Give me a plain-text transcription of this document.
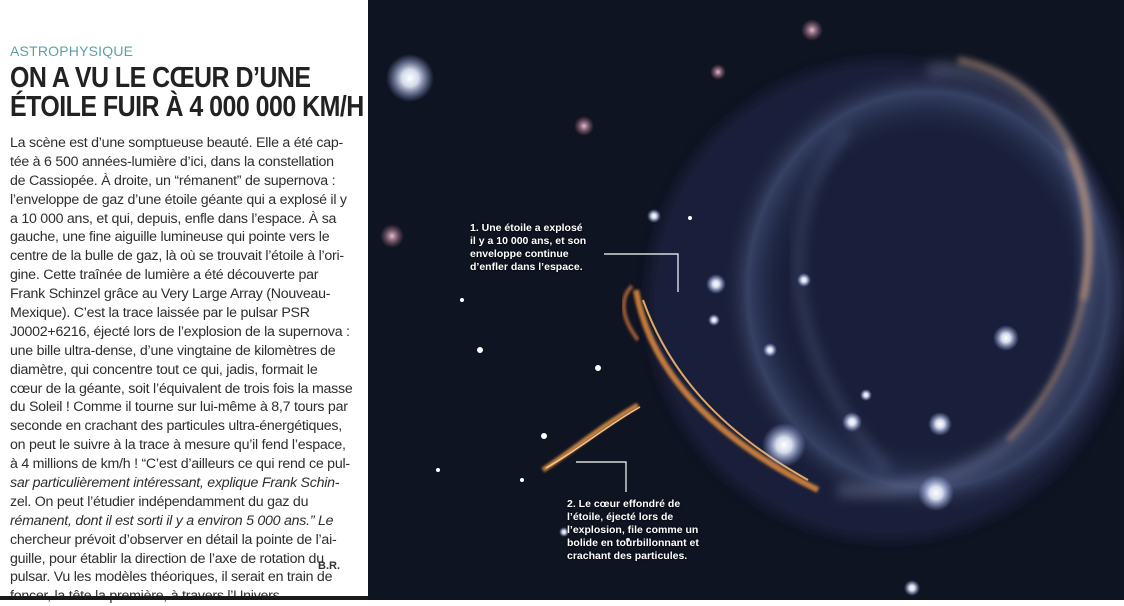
ASTROPHYSIQUE
ON A VU LE CŒUR D’UNE
ÉTOILE FUIR À 4 000 000 KM/H
La scène est d’une somptueuse beauté. Elle a été cap-
tée à 6 500 années-lumière d’ici, dans la constellation
de Cassiopée. À droite, un “rémanent” de supernova :
l’enveloppe de gaz d’une étoile géante qui a explosé il y
a 10 000 ans, et qui, depuis, enfle dans l’espace. À sa
gauche, une fine aiguille lumineuse qui pointe vers le
centre de la bulle de gaz, là où se trouvait l’étoile à l’ori-
gine. Cette traînée de lumière a été découverte par
Frank Schinzel grâce au Very Large Array (Nouveau-
Mexique). C’est la trace laissée par le pulsar PSR
J0002+6216, éjecté lors de l’explosion de la supernova :
une bille ultra-dense, d’une vingtaine de kilomètres de
diamètre, qui concentre tout ce qui, jadis, formait le
cœur de la géante, soit l’équivalent de trois fois la masse
du Soleil ! Comme il tourne sur lui-même à 8,7 tours par
seconde en crachant des particules ultra-énergétiques,
on peut le suivre à la trace à mesure qu’il fend l’espace,
à 4 millions de km/h ! “C’est d’ailleurs ce qui rend ce pul-
sar particulièrement intéressant, explique Frank Schin-
zel. On peut l’étudier indépendamment du gaz du
rémanent, dont il est sorti il y a environ 5 000 ans.” Le
chercheur prévoit d’observer en détail la pointe de l’ai-
guille, pour établir la direction de l’axe de rotation du
pulsar. Vu les modèles théoriques, il serait en train de
B.R.
1. Une étoile a explosé
il y a 10 000 ans, et son
enveloppe continue
d’enfler dans l’espace.
2. Le cœur effondré de
l’étoile, éjecté lors de
l’explosion, file comme un
bolide en tourbillonnant et
crachant des particules.
